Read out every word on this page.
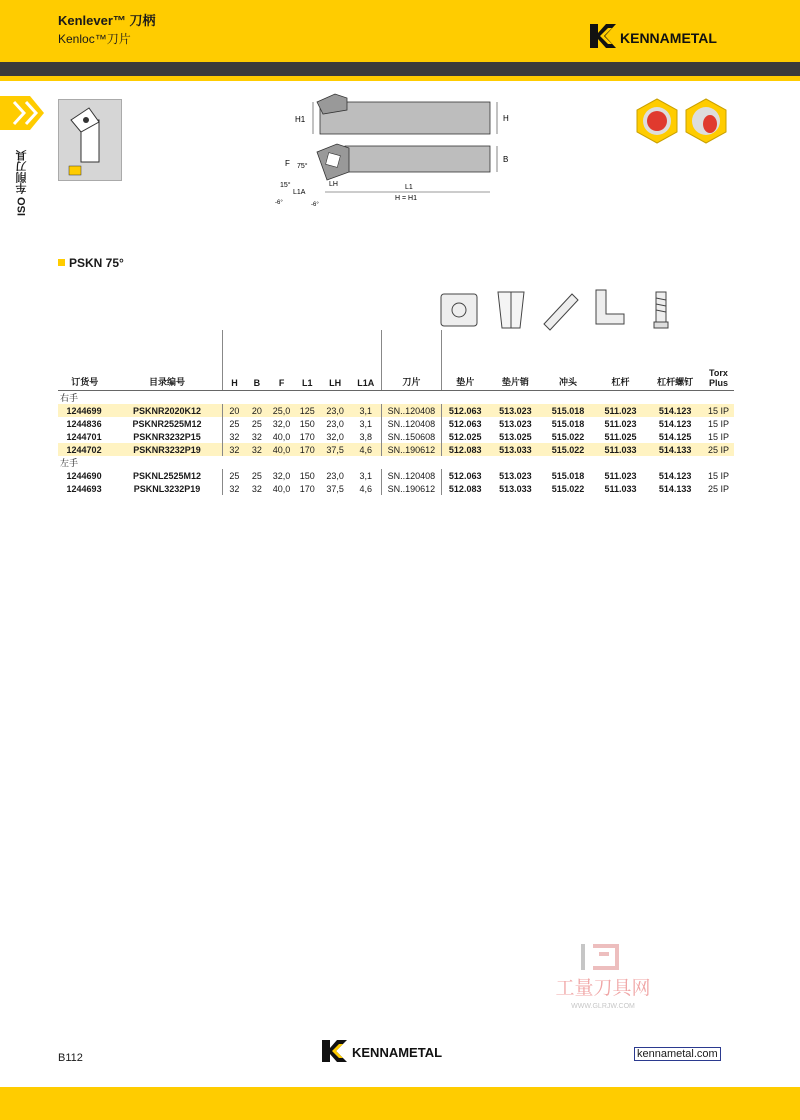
Kenlever™ 刀柄
Kenloc™刀片	KENNAMETAL
ISO 车削刀具
H1	H
B
F 75°
15°	LH	L1
L1A
-6°	-6°
H = H1
PSKN 75°
订货号	目录编号	H	B	F	L1	LH	L1A	刀片	垫片	垫片销	冲头	杠杆	杠杆螺钉	Torx Plus
右手														
1244699	PSKNR2020K12	20	20	25,0	125	23,0	3,1	SN..120408	512.063	513.023	515.018	511.023	514.123	15 IP
1244836	PSKNR2525M12	25	25	32,0	150	23,0	3,1	SN..120408	512.063	513.023	515.018	511.023	514.123	15 IP
1244701	PSKNR3232P15	32	32	40,0	170	32,0	3,8	SN..150608	512.025	513.025	515.022	511.025	514.125	15 IP
1244702	PSKNR3232P19	32	32	40,0	170	37,5	4,6	SN..190612	512.083	513.033	515.022	511.033	514.133	25 IP
左手														
1244690	PSKNL2525M12	25	25	32,0	150	23,0	3,1	SN..120408	512.063	513.023	515.018	511.023	514.123	15 IP
1244693	PSKNL3232P19	32	32	40,0	170	37,5	4,6	SN..190612	512.083	513.033	515.022	511.033	514.133	25 IP
工量刀具网
WWW.GLRJW.COM
B112	KENNAMETAL	kennametal.com
